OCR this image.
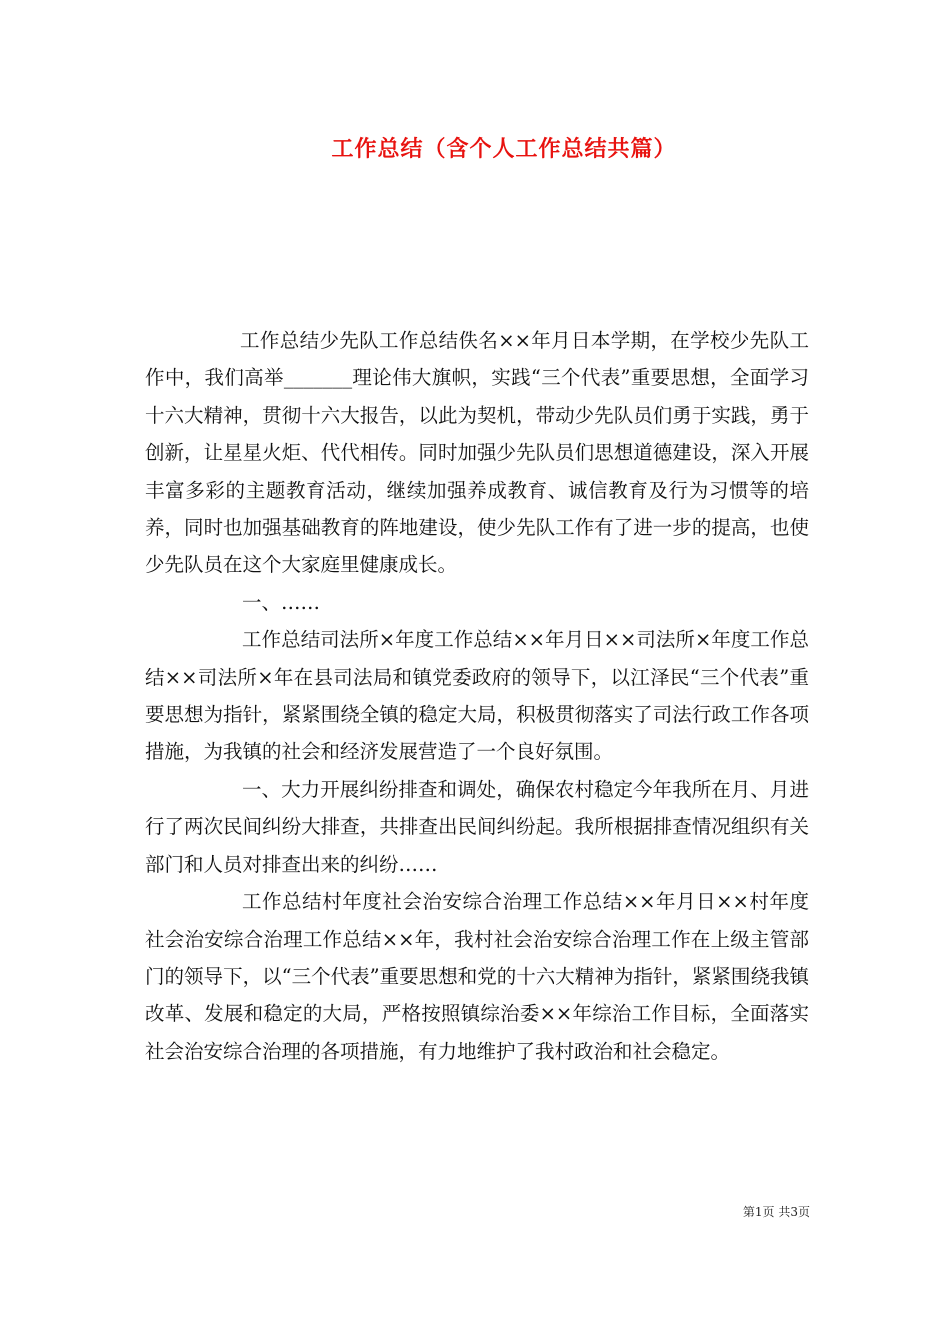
工作总结（含个人工作总结共篇）

工作总结少先队工作总结佚名××年月日本学期，在学校少先队工作中，我们高举_______理论伟大旗帜，实践“三个代表”重要思想，全面学习十六大精神，贯彻十六大报告，以此为契机，带动少先队员们勇于实践，勇于创新，让星星火炬、代代相传。同时加强少先队员们思想道德建设，深入开展丰富多彩的主题教育活动，继续加强养成教育、诚信教育及行为习惯等的培养，同时也加强基础教育的阵地建设，使少先队工作有了进一步的提高，也使少先队员在这个大家庭里健康成长。

一、……

工作总结司法所×年度工作总结××年月日××司法所×年度工作总结××司法所×年在县司法局和镇党委政府的领导下，以江泽民“三个代表”重要思想为指针，紧紧围绕全镇的稳定大局，积极贯彻落实了司法行政工作各项措施，为我镇的社会和经济发展营造了一个良好氛围。

一、大力开展纠纷排查和调处，确保农村稳定今年我所在月、月进行了两次民间纠纷大排查，共排查出民间纠纷起。我所根据排查情况组织有关部门和人员对排查出来的纠纷……

工作总结村年度社会治安综合治理工作总结××年月日××村年度社会治安综合治理工作总结××年，我村社会治安综合治理工作在上级主管部门的领导下，以“三个代表”重要思想和党的十六大精神为指针，紧紧围绕我镇改革、发展和稳定的大局，严格按照镇综治委××年综治工作目标，全面落实社会治安综合治理的各项措施，有力地维护了我村政治和社会稳定。

第1页 共3页
